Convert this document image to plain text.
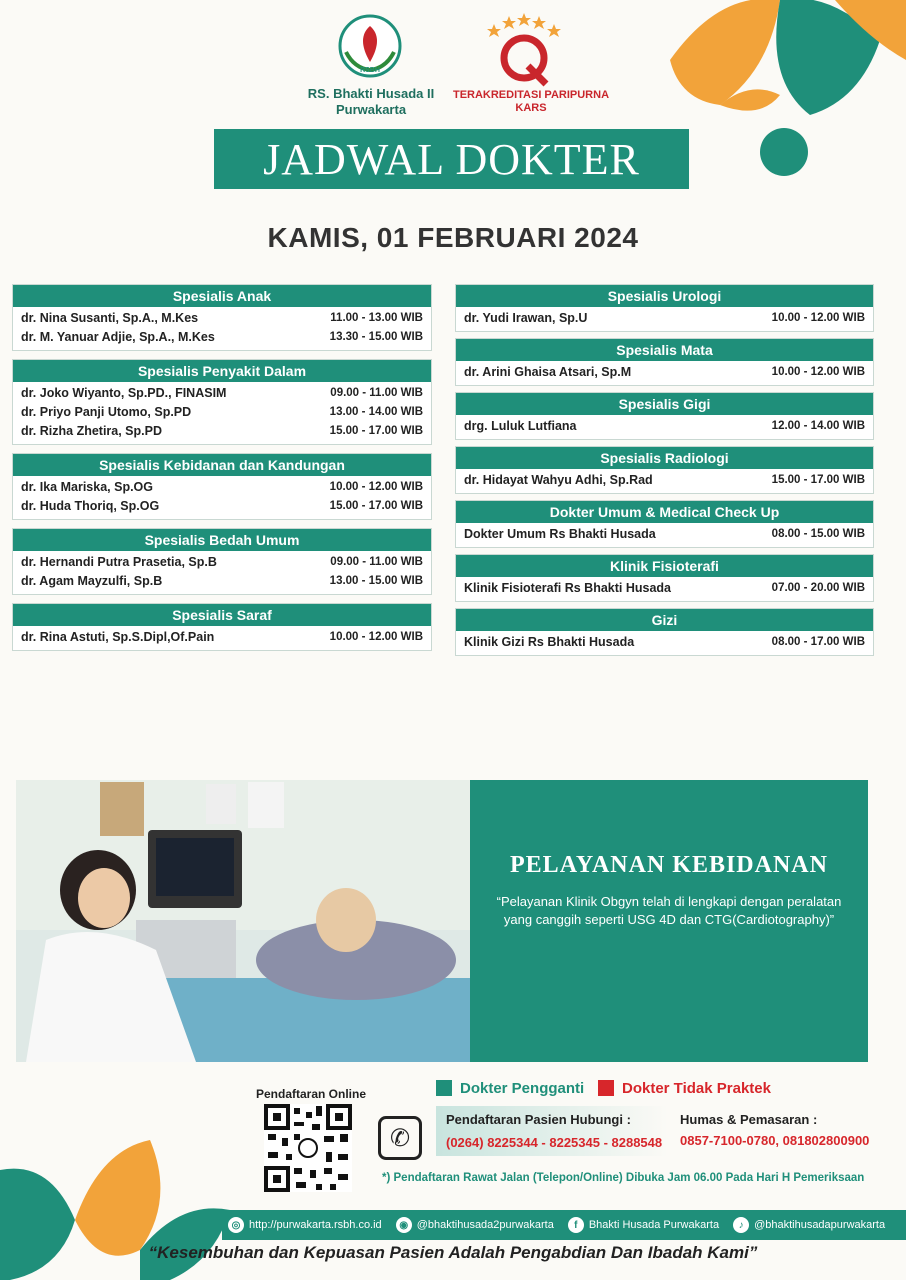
RSBH
RS. Bhakti Husada II
Purwakarta
TERAKREDITASI PARIPURNA
KARS
JADWAL DOKTER
KAMIS, 01 FEBRUARI 2024
Spesialis Anak
dr. Nina Susanti, Sp.A., M.Kes	11.00 - 13.00 WIB
dr. M. Yanuar Adjie, Sp.A., M.Kes	13.30 - 15.00 WIB
Spesialis Penyakit Dalam
dr. Joko Wiyanto, Sp.PD., FINASIM	09.00 - 11.00 WIB
dr. Priyo Panji Utomo, Sp.PD	13.00 - 14.00 WIB
dr. Rizha Zhetira, Sp.PD	15.00 - 17.00 WIB
Spesialis Kebidanan dan Kandungan
dr. Ika Mariska, Sp.OG	10.00 - 12.00 WIB
dr. Huda Thoriq, Sp.OG	15.00 - 17.00 WIB
Spesialis Bedah Umum
dr. Hernandi Putra Prasetia, Sp.B	09.00 - 11.00 WIB
dr. Agam Mayzulfi, Sp.B	13.00 - 15.00 WIB
Spesialis Saraf
dr. Rina Astuti, Sp.S.Dipl,Of.Pain	10.00 - 12.00 WIB
Spesialis Urologi
dr. Yudi Irawan, Sp.U	10.00 - 12.00 WIB
Spesialis Mata
dr. Arini Ghaisa Atsari, Sp.M	10.00 - 12.00 WIB
Spesialis Gigi
drg. Luluk Lutfiana	12.00 - 14.00 WIB
Spesialis Radiologi
dr. Hidayat Wahyu Adhi, Sp.Rad	15.00 - 17.00 WIB
Dokter Umum & Medical Check Up
Dokter Umum Rs Bhakti Husada	08.00 - 15.00 WIB
Klinik Fisioterafi
Klinik Fisioterafi Rs Bhakti Husada	07.00 - 20.00 WIB
Gizi
Klinik Gizi Rs Bhakti Husada	08.00 - 17.00 WIB
PELAYANAN KEBIDANAN
“Pelayanan Klinik Obgyn telah di lengkapi dengan peralatan yang canggih seperti USG 4D dan CTG(Cardiotography)”
Pendaftaran Online
✆
Dokter Pengganti	Dokter Tidak Praktek
Pendaftaran Pasien Hubungi :
(0264) 8225344 - 8225345 - 8288548
Humas & Pemasaran :
0857-7100-0780, 081802800900
*) Pendaftaran Rawat Jalan (Telepon/Online) Dibuka Jam 06.00 Pada Hari H Pemeriksaan
◎ http://purwakarta.rsbh.co.id	◉ @bhaktihusada2purwakarta	f	Bhakti Husada Purwakarta	♪ @bhaktihusadapurwakarta
“Kesembuhan dan Kepuasan Pasien Adalah Pengabdian Dan Ibadah Kami”
